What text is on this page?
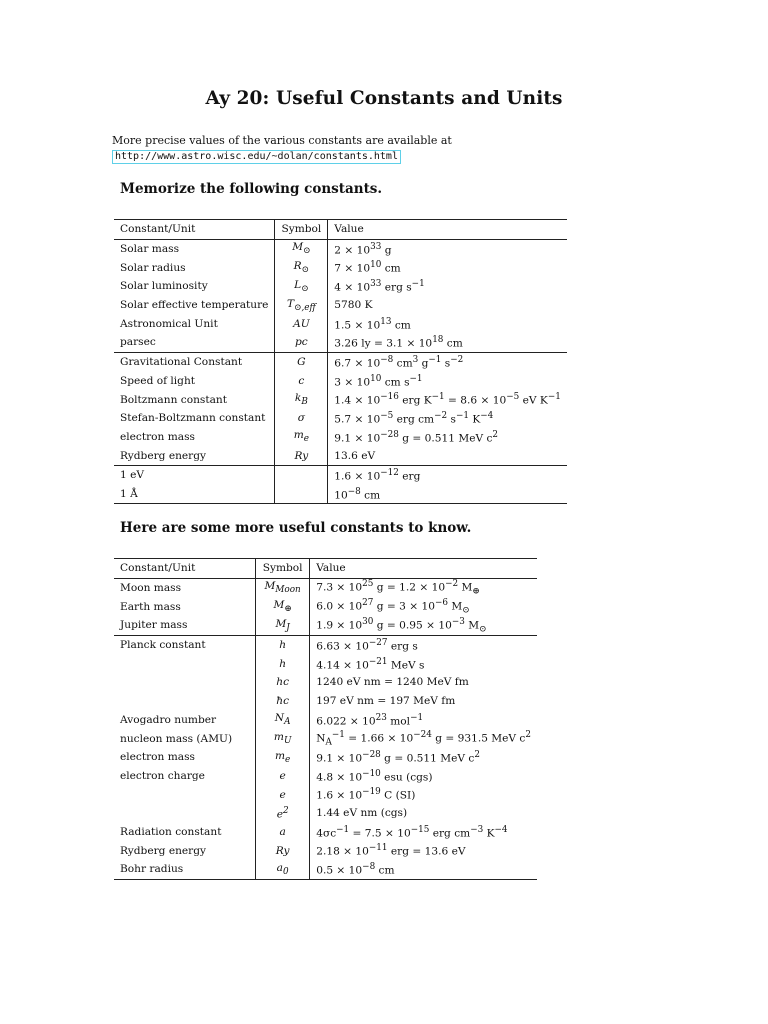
Ay 20: Useful Constants and Units
More precise values of the various constants are available at
http://www.astro.wisc.edu/~dolan/constants.html
Memorize the following constants.
Constant/Unit	Symbol	Value
Solar mass	$M_⊙$	$2 \times 10^{33}$ g
Solar radius	$R_⊙$	$7 \times 10^{10}$ cm
Solar luminosity	$L_⊙$	$4 \times 10^{33}$ erg $s^{-1}$
Solar effective temperature	$T_{⊙,eff}$	5780 K
Astronomical Unit	AU	$1.5 \times 10^{13}$ cm
parsec	pc	3.26 ly = $3.1 \times 10^{18}$ cm
Gravitational Constant	G	$6.7 \times 10^{-8}$ $cm^3$ $g^{-1}$ $s^{-2}$
Speed of light	c	$3 \times 10^{10}$ cm $s^{-1}$
Boltzmann constant	$k_B$	$1.4 \times 10^{-16}$ erg $K^{-1} = 8.6 \times 10^{-5}$ eV $K^{-1}$
Stefan-Boltzmann constant	σ	$5.7 \times 10^{-5}$ erg $cm^{-2}$ $s^{-1}$ $K^{-4}$
electron mass	$m_e$	$9.1 \times 10^{-28}$ g = 0.511 MeV $c^2$
Rydberg energy	Ry	13.6 eV
1 eV		$1.6 \times 10^{-12}$ erg
1 Å		$10^{-8}$ cm
Here are some more useful constants to know.
Constant/Unit	Symbol	Value
Moon mass	$M_{Moon}$	$7.3 \times 10^{25}$ $g = 1.2 \times 10^{-2}$ $M_\oplus$
Earth mass	$M_\oplus$	$6.0 \times 10^{27}$ $g = 3 \times 10^{-6}$ $M_⊙$
Jupiter mass	$M_J$	$1.9 \times 10^{30}$ $g = 0.95 \times 10^{-3}$ $M_⊙$
Planck constant	h	$6.63 \times 10^{-27}$ erg s
	h	$4.14 \times 10^{-21}$ MeV s
	hc	1240 eV nm = 1240 MeV fm
	ħc	197 eV nm = 197 MeV fm
Avogadro number	$N_A$	$6.022 \times 10^{23}$ mol$^{-1}$
nucleon mass (AMU)	$m_U$	$N_A^{-1} = 1.66 \times 10^{-24}$ g = 931.5 MeV $c^2$
electron mass	$m_e$	$9.1 \times 10^{-28}$ g = 0.511 MeV $c^2$
electron charge	e	$4.8 \times 10^{-10}$ esu (cgs)
	e	$1.6 \times 10^{-19}$ C (SI)
	$e^2$	1.44 eV nm (cgs)
Radiation constant	a	$4\sigma c^{-1} = 7.5 \times 10^{-15}$ erg $cm^{-3}$ $K^{-4}$
Rydberg energy	Ry	$2.18 \times 10^{-11}$ erg = 13.6 eV
Bohr radius	$a_0$	$0.5 \times 10^{-8}$ cm
